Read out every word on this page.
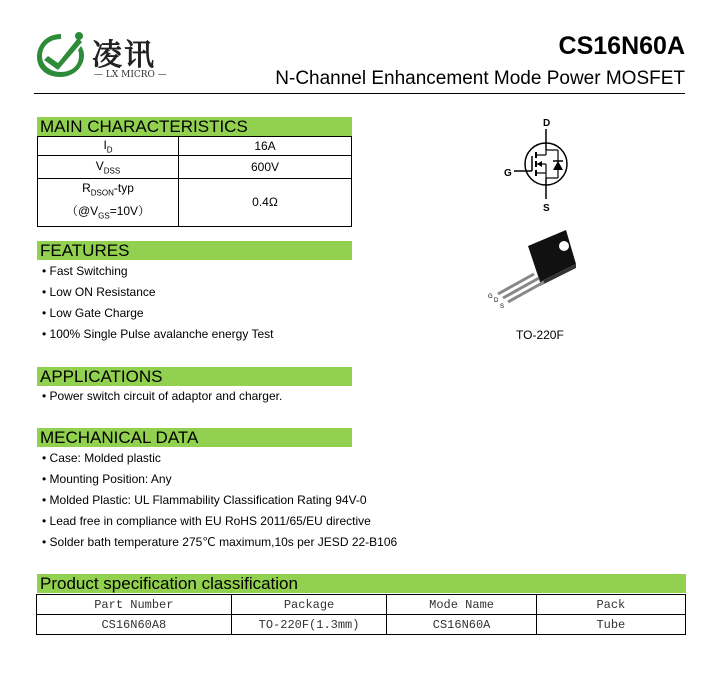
凌讯
— LX MICRO —
CS16N60A
N-Channel Enhancement Mode Power MOSFET
MAIN CHARACTERISTICS
$I_D$	16A
$V_{DSS}$	600V
$R_{DSON}$-typ
$(@V_{GS}=10V)$	0.4Ω
FEATURES
• Fast Switching
• Low ON Resistance
• Low Gate Charge
• 100% Single Pulse avalanche energy Test
APPLICATIONS
• Power switch circuit of adaptor and charger.
MECHANICAL DATA
• Case: Molded plastic
• Mounting Position: Any
• Molded Plastic: UL Flammability Classification Rating 94V-0
• Lead free in compliance with EU RoHS 2011/65/EU directive
• Solder bath temperature 275℃ maximum,10s per JESD 22-B106
D
G
S
G
D
S
TO-220F
Product specification classification
Part Number	Package	Mode Name	Pack
CS16N60A8	TO-220F(1.3mm)	CS16N60A	Tube
